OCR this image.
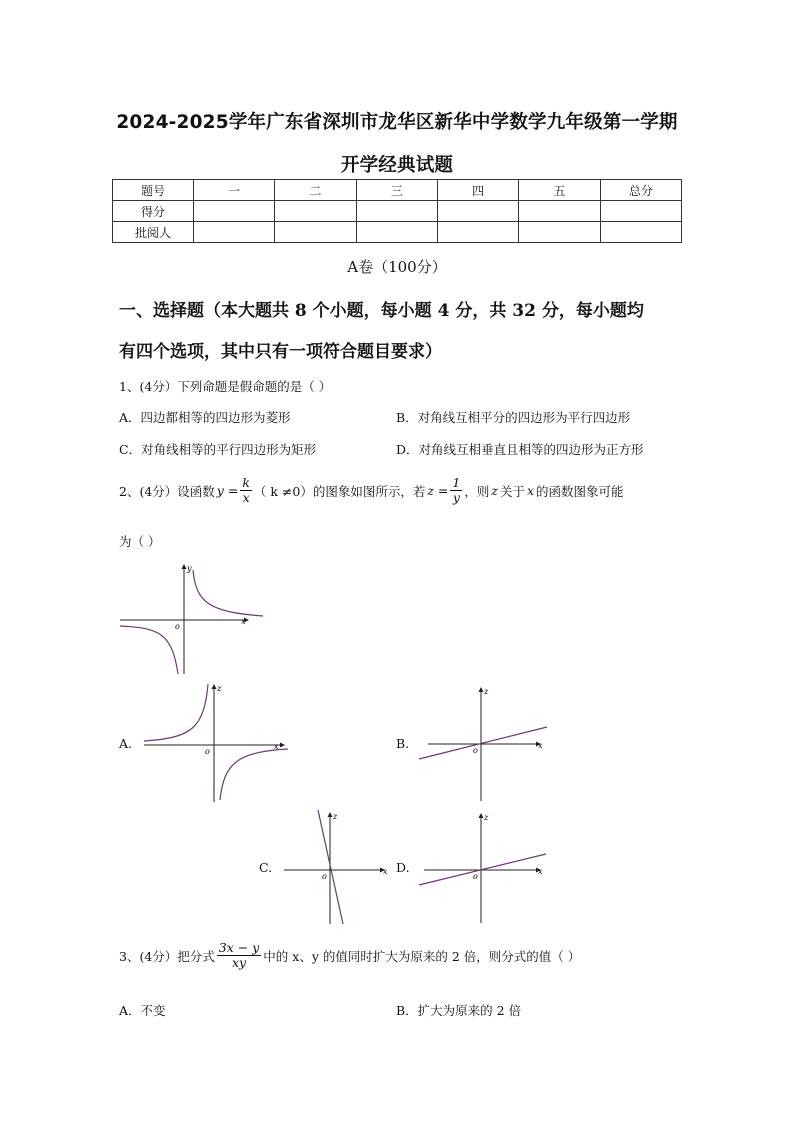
2024-2025学年广东省深圳市龙华区新华中学数学九年级第一学期
开学经典试题
题号	一	二	三	四	五	总分
得分						
批阅人						
A卷（100分）
一、选择题（本大题共 8 个小题，每小题 4 分，共 32 分，每小题均
有四个选项，其中只有一项符合题目要求）
1、(4分）下列命题是假命题的是（ ）
A．四边都相等的四边形为菱形	B．对角线互相平分的四边形为平行四边形
C．对角线相等的平行四边形为矩形	D．对角线互相垂直且相等的四边形为正方形
2、(4分）设函数 $y = \frac{k}{x}$ （ k ≠0）的图象如图所示，若 $z = \frac{1}{y}$ ，则 z 关于 x 的函数图象可能
为（ ）
x
y
o
A.	x
z
o
B.	x
z
o
C.	x
z
o
D.	x
z
o
3、(4分）把分式 $\frac{3x - y}{xy}$ 中的 x、y 的值同时扩大为原来的 2 倍，则分式的值（ ）
A．不变	B．扩大为原来的 2 倍
